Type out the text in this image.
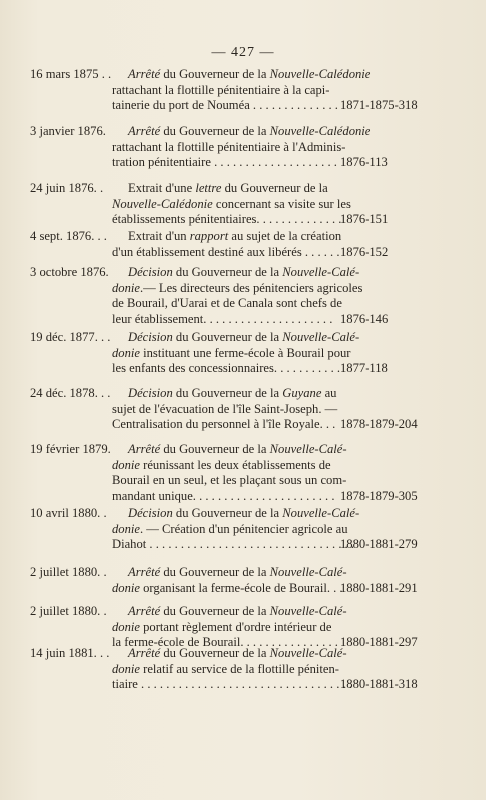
— 427 —
16 mars 1875 . .	Arrêté du Gouverneur de la Nouvelle-Calédonie
rattachant la flottille pénitentiaire à la capi-
tainerie du port de Nouméa . . . . . . . . . . . . . . 1871-1875-318
3 janvier 1876.	Arrêté du Gouverneur de la Nouvelle-Calédonie
rattachant la flottille pénitentiaire à l'Adminis-
tration pénitentiaire . . . . . . . . . . . . . . . . . . . . 1876-113
24 juin 1876. .	Extrait d'une lettre du Gouverneur de la
Nouvelle-Calédonie concernant sa visite sur les
établissements pénitentiaires. . . . . . . . . . . . . .
1876-151
4 sept. 1876. . .	Extrait d'un rapport au sujet de la création
d'un établissement destiné aux libérés . . . . . . 1876-152
3 octobre 1876.	Décision du Gouverneur de la Nouvelle-Calé-
donie.— Les directeurs des pénitenciers agricoles
de Bourail, d'Uarai et de Canala sont chefs de
leur établissement. . . . . . . . . . . . . . . . . . . . . 1876-146
19 déc. 1877. . .	Décision du Gouverneur de la Nouvelle-Calé-
donie instituant une ferme-école à Bourail pour
les enfants des concessionnaires. . . . . . . . . . . 1877-118
24 déc. 1878. . .	Décision du Gouverneur de la Guyane au
sujet de l'évacuation de l'île Saint-Joseph. —
Centralisation du personnel à l'île Royale. . . 1878-1879-204
19 février 1879.	Arrêté du Gouverneur de la Nouvelle-Calé-
donie réunissant les deux établissements de
Bourail en un seul, et les plaçant sous un com-
mandant unique. . . . . . . . . . . . . . . . . . . . . . . 1878-1879-305
10 avril 1880. .	Décision du Gouverneur de la Nouvelle-Calé-
donie. — Création d'un pénitencier agricole au
Diahot . . . . . . . . . . . . . . . . . . . . . . . . . . . . . . . . .
1880-1881-279
2 juillet 1880. .	Arrêté du Gouverneur de la Nouvelle-Calé-
donie organisant la ferme-école de Bourail. . .
1880-1881-291
2 juillet 1880. .	Arrêté du Gouverneur de la Nouvelle-Calé-
donie portant règlement d'ordre intérieur de
la ferme-école de Bourail. . . . . . . . . . . . . . . . 1880-1881-297
14 juin 1881. . .	Arrêté du Gouverneur de la Nouvelle-Calé-
donie relatif au service de la flottille péniten-
tiaire . . . . . . . . . . . . . . . . . . . . . . . . . . . . . . . . . .
1880-1881-318
